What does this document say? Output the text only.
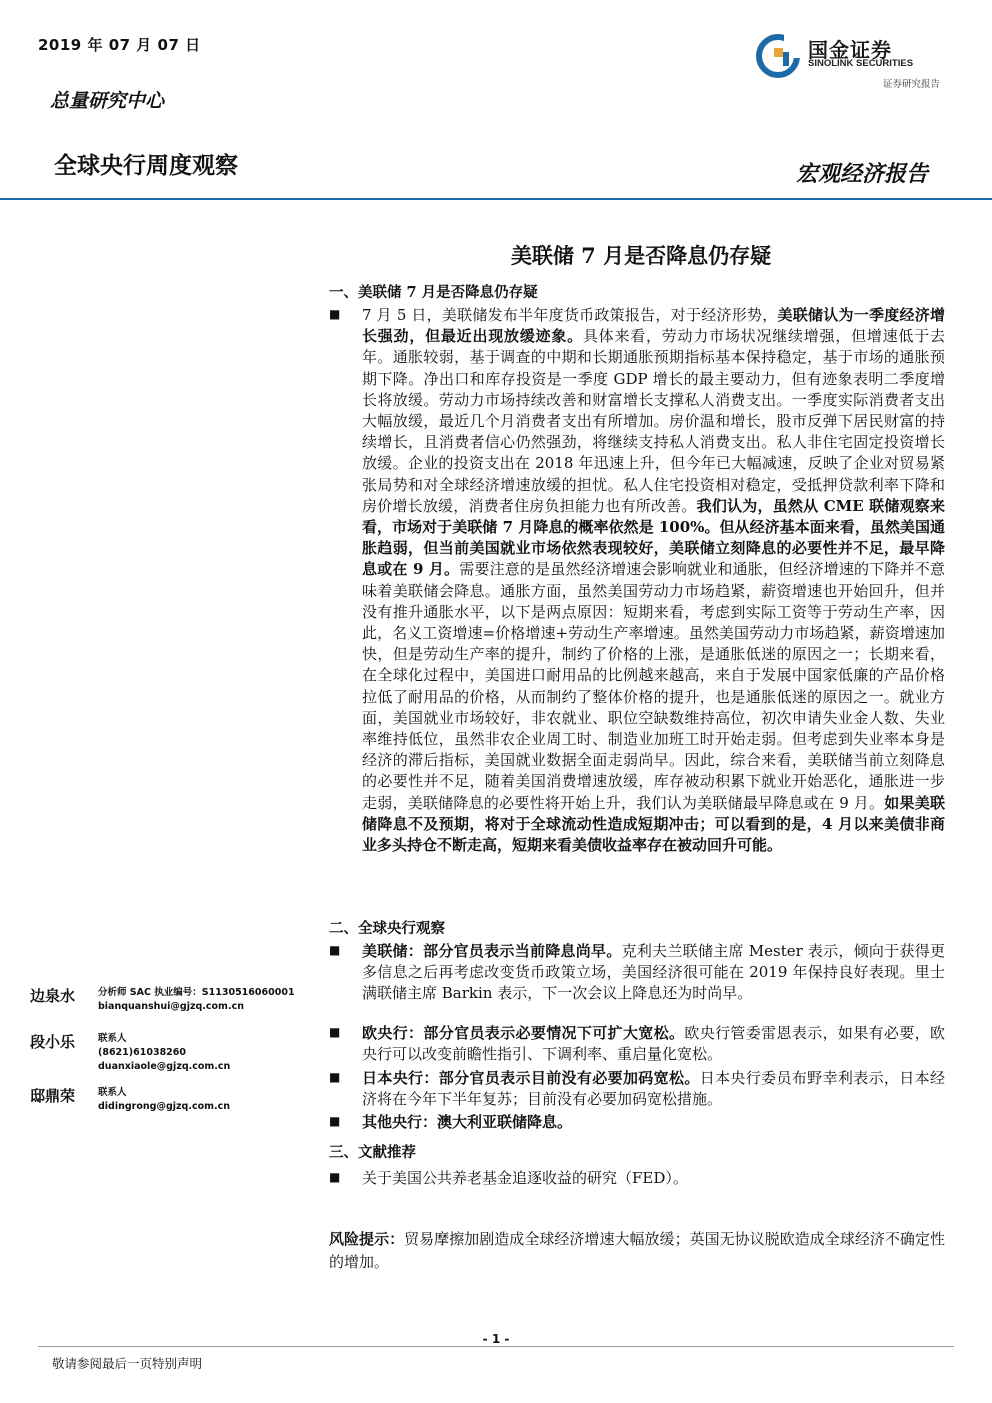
2019 年 07 月 07 日
总量研究中心
全球央行周度观察	宏观经济报告
国金证券
SINOLINK SECURITIES
证券研究报告
美联储 7 月是否降息仍存疑
一、美联储 7 月是否降息仍存疑
■ 7 月 5 日，美联储发布半年度货币政策报告，对于经济形势，美联储认为一季度经济增长强劲，但最近出现放缓迹象。具体来看，劳动力市场状况继续增强，但增速低于去年。通胀较弱，基于调查的中期和长期通胀预期指标基本保持稳定，基于市场的通胀预期下降。净出口和库存投资是一季度 GDP 增长的最主要动力，但有迹象表明二季度增长将放缓。劳动力市场持续改善和财富增长支撑私人消费支出。一季度实际消费者支出大幅放缓，最近几个月消费者支出有所增加。房价温和增长，股市反弹下居民财富的持续增长，且消费者信心仍然强劲，将继续支持私人消费支出。私人非住宅固定投资增长放缓。企业的投资支出在 2018 年迅速上升，但今年已大幅减速，反映了企业对贸易紧张局势和对全球经济增速放缓的担忧。私人住宅投资相对稳定，受抵押贷款利率下降和房价增长放缓，消费者住房负担能力也有所改善。我们认为，虽然从 CME 联储观察来看，市场对于美联储 7 月降息的概率依然是 100%。但从经济基本面来看，虽然美国通胀趋弱，但当前美国就业市场依然表现较好，美联储立刻降息的必要性并不足，最早降息或在 9 月。需要注意的是虽然经济增速会影响就业和通胀，但经济增速的下降并不意味着美联储会降息。通胀方面，虽然美国劳动力市场趋紧，薪资增速也开始回升，但并没有推升通胀水平，以下是两点原因：短期来看，考虑到实际工资等于劳动生产率，因此，名义工资增速=价格增速+劳动生产率增速。虽然美国劳动力市场趋紧，薪资增速加快，但是劳动生产率的提升，制约了价格的上涨，是通胀低迷的原因之一；长期来看，在全球化过程中，美国进口耐用品的比例越来越高，来自于发展中国家低廉的产品价格拉低了耐用品的价格，从而制约了整体价格的提升，也是通胀低迷的原因之一。就业方面，美国就业市场较好，非农就业、职位空缺数维持高位，初次申请失业金人数、失业率维持低位，虽然非农企业周工时、制造业加班工时开始走弱。但考虑到失业率本身是经济的滞后指标，美国就业数据全面走弱尚早。因此，综合来看，美联储当前立刻降息的必要性并不足，随着美国消费增速放缓，库存被动积累下就业开始恶化，通胀进一步走弱，美联储降息的必要性将开始上升，我们认为美联储最早降息或在 9 月。如果美联储降息不及预期，将对于全球流动性造成短期冲击；可以看到的是，4 月以来美债非商业多头持仓不断走高，短期来看美债收益率存在被动回升可能。

二、全球央行观察
■ 美联储：部分官员表示当前降息尚早。克利夫兰联储主席 Mester 表示，倾向于获得更多信息之后再考虑改变货币政策立场，美国经济很可能在 2019 年保持良好表现。里士满联储主席 Barkin 表示，下一次会议上降息还为时尚早。

■ 欧央行：部分官员表示必要情况下可扩大宽松。欧央行管委雷恩表示，如果有必要，欧央行可以改变前瞻性指引、下调利率、重启量化宽松。

■ 日本央行：部分官员表示目前没有必要加码宽松。日本央行委员布野幸利表示，日本经济将在今年下半年复苏；目前没有必要加码宽松措施。

■ 其他央行：澳大利亚联储降息。

三、文献推荐
■ 关于美国公共养老基金追逐收益的研究（FED）。

边泉水 分析师 SAC 执业编号：S1130516060001
bianquanshui@gjzq.com.cn
段小乐 联系人
(8621)61038260
duanxiaole@gjzq.com.cn
邸鼎荣 联系人
didingrong@gjzq.com.cn
风险提示：贸易摩擦加剧造成全球经济增速大幅放缓；英国无协议脱欧造成全球经济不确定性的增加。
- 1 -
敬请参阅最后一页特别声明
